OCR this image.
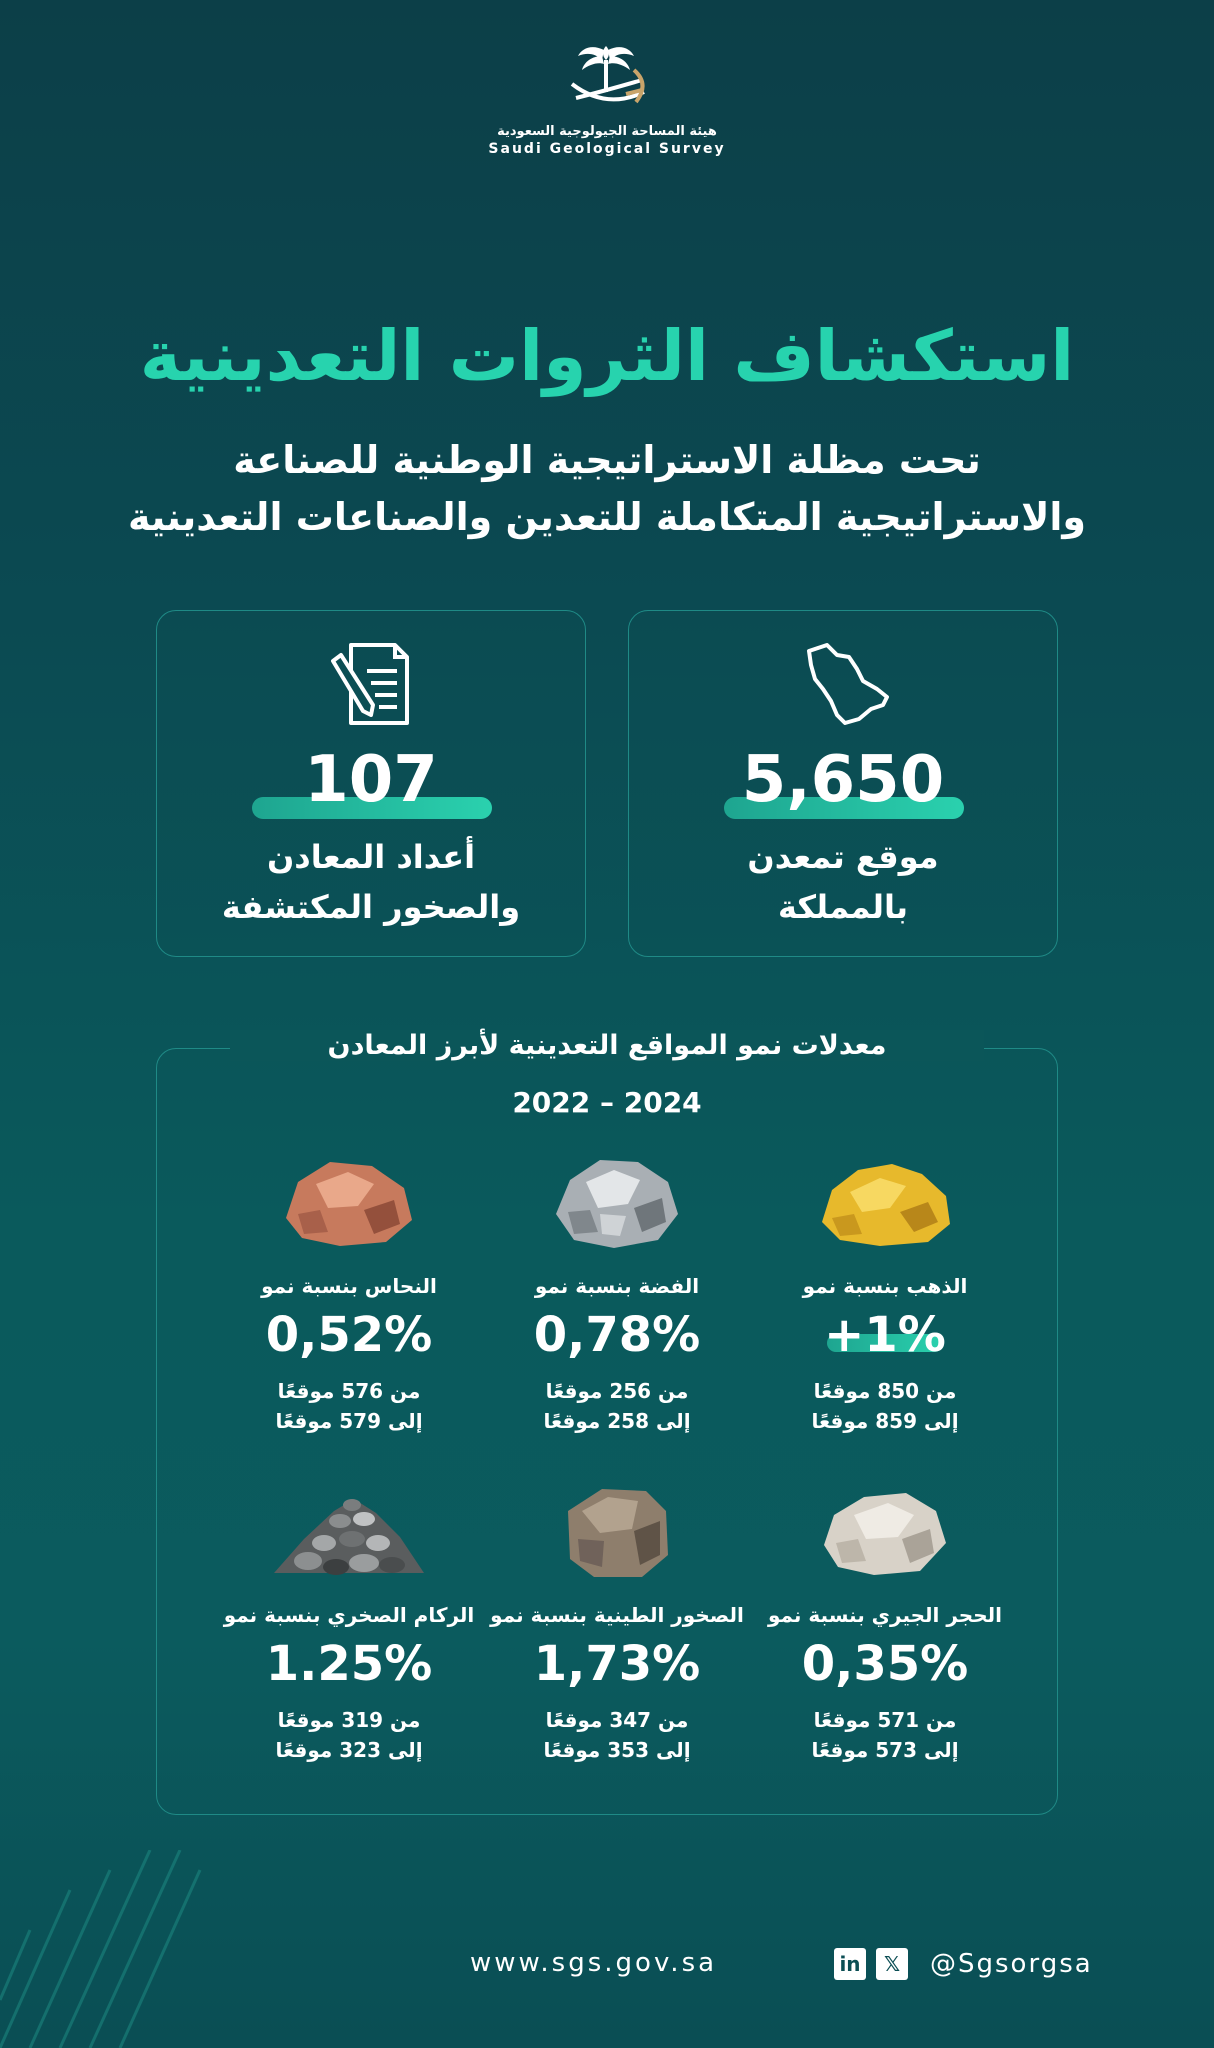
هيئة المساحة الجيولوجية السعودية
Saudi Geological Survey
استكشاف الثروات التعدينية
تحت مظلة الاستراتيجية الوطنية للصناعة
والاستراتيجية المتكاملة للتعدين والصناعات التعدينية
5,650
موقع تمعدن
بالمملكة
107
أعداد المعادن
والصخور المكتشفة
معدلات نمو المواقع التعدينية لأبرز المعادن
2022 – 2024
الذهب بنسبة نمو
+1%
من 850 موقعًا
إلى 859 موقعًا
الفضة بنسبة نمو
0,78%
من 256 موقعًا
إلى 258 موقعًا
النحاس بنسبة نمو
0,52%
من 576 موقعًا
إلى 579 موقعًا
الحجر الجيري بنسبة نمو
0,35%
من 571 موقعًا
إلى 573 موقعًا
الصخور الطينية بنسبة نمو
1,73%
من 347 موقعًا
إلى 353 موقعًا
الركام الصخري بنسبة نمو
1.25%
من 319 موقعًا
إلى 323 موقعًا
www.sgs.gov.sa	in	𝕏	@Sgsorgsa
